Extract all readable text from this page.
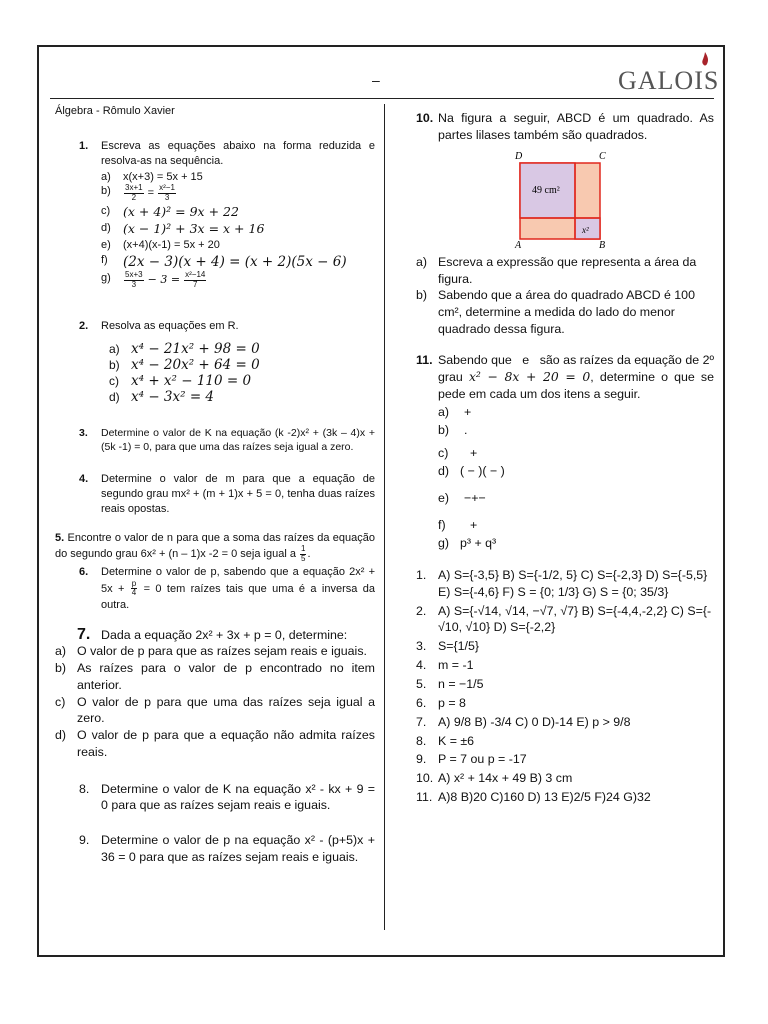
–	GALOIS
Álgebra - Rômulo Xavier
1. Escreva as equações abaixo na forma reduzida e resolva-as na sequência.
a) x(x+3) = 5x + 15
$b) \frac{3x+1}{2} = \frac{\text{x²−1}}{3}$
c) (x + 4)² = 9x + 22
d) (x − 1)² + 3x = x + 16
e) (x+4)(x-1) = 5x + 20
f) (2x − 3)(x + 4) = (x + 2)(5x − 6)
$g) \frac{5x+3}{3} - 3 = \frac{\text{x²−14}}{7}$
2. Resolva as equações em R.
a) x⁴ − 21x² + 98 = 0
b) x⁴ − 20x² + 64 = 0
c) x⁴ + x² − 110 = 0
d) x⁴ − 3x² = 4
3. Determine o valor de K na equação (k -2)x² + (3k – 4)x + (5k -1) = 0, para que uma das raízes seja igual a zero.
4. Determine o valor de m para que a equação de segundo grau mx² + (m + 1)x + 5 = 0, tenha duas raízes reais opostas.
5. Encontre o valor de n para que a soma das raízes da equação do segundo grau 6x² + (n – 1)x -2 = 0 seja igual a $\frac{1}{5}$ .
6. Determine o valor de p, sabendo que a equação $2x^2 + 5x + \frac{p}{4} = 0$ tem raízes tais que uma é a inversa da outra.
7. Dada a equação 2x² + 3x + p = 0, determine:
a) O valor de p para que as raízes sejam reais e iguais.
b) As raízes para o valor de p encontrado no item anterior.
c) O valor de p para que uma das raízes seja igual a zero.
d) O valor de p para que a equação não admita raízes reais.
8. Determine o valor de K na equação x² - kx + 9 = 0 para que as raízes sejam reais e iguais.
9. Determine o valor de p na equação x² - (p+5)x + 36 = 0 para que as raízes sejam reais e iguais.
10. Na figura a seguir, ABCD é um quadrado. As partes lilases também são quadrados.
D	C
A	B
49 cm²
x²
a) Escreva a expressão que representa a área da figura.
b) Sabendo que a área do quadrado ABCD é 100 cm², determine a medida do lado do menor quadrado dessa figura.
11. Sabendo que e são as raízes da equação de 2º grau x² − 8x + 20 = 0, determine o que se pede em cada um dos itens a seguir.
a) +
b) .
c) +
d) ( − )( − )
e) −+−
f) +
g) p³ + q³
1. A) S={-3,5} B) S={-1/2, 5} C) S={-2,3} D) S={-5,5} E) S={-4,6} F) S = {0; 1/3} G) S = {0; 35/3}
2. A) S={-√14, √14, −√7, √7} B) S={-4,4,-2,2} C) S={-√10, √10} D) S={-2,2}
3. S={1/5}
4. m = -1
5. n = −1/5
6. p = 8
7. A) 9/8 B) -3/4 C) 0 D)-14 E) p > 9/8
8. K = ±6
9. P = 7 ou p = -17
10. A) x² + 14x + 49 B) 3 cm
11. A)8 B)20 C)160 D) 13 E)2/5 F)24 G)32
